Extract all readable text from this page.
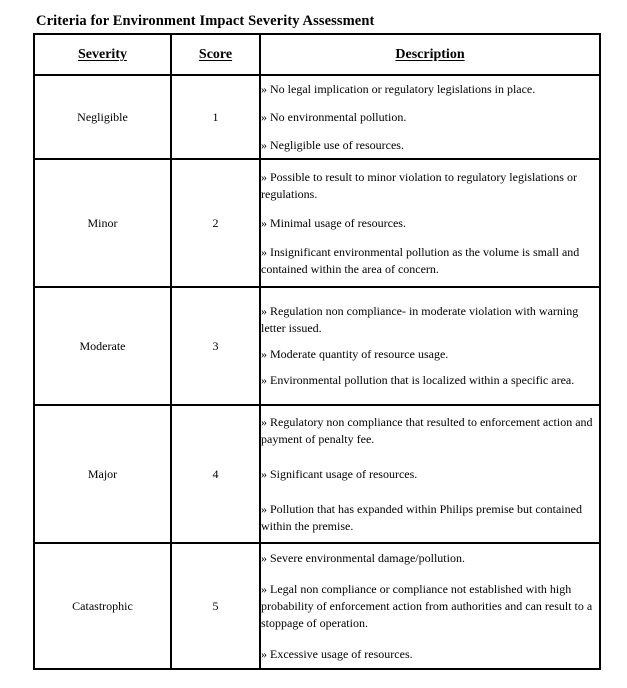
Criteria for Environment Impact Severity Assessment
Severity	Score	Description
Negligible	1	» No legal implication or regulatory legislations in place.

» No environmental pollution.

» Negligible use of resources.

Minor	2	» Possible to result to minor violation to regulatory legislations or regulations.

» Minimal usage of resources.

» Insignificant environmental pollution as the volume is small and contained within the area of concern.

Moderate	3	» Regulation non compliance- in moderate violation with warning letter issued.

» Moderate quantity of resource usage.

» Environmental pollution that is localized within a specific area.

Major	4	» Regulatory non compliance that resulted to enforcement action and payment of penalty fee.

» Significant usage of resources.

» Pollution that has expanded within Philips premise but contained within the premise.

Catastrophic	5	» Severe environmental damage/pollution.

» Legal non compliance or compliance not established with high probability of enforcement action from authorities and can result to a stoppage of operation.

» Excessive usage of resources.
